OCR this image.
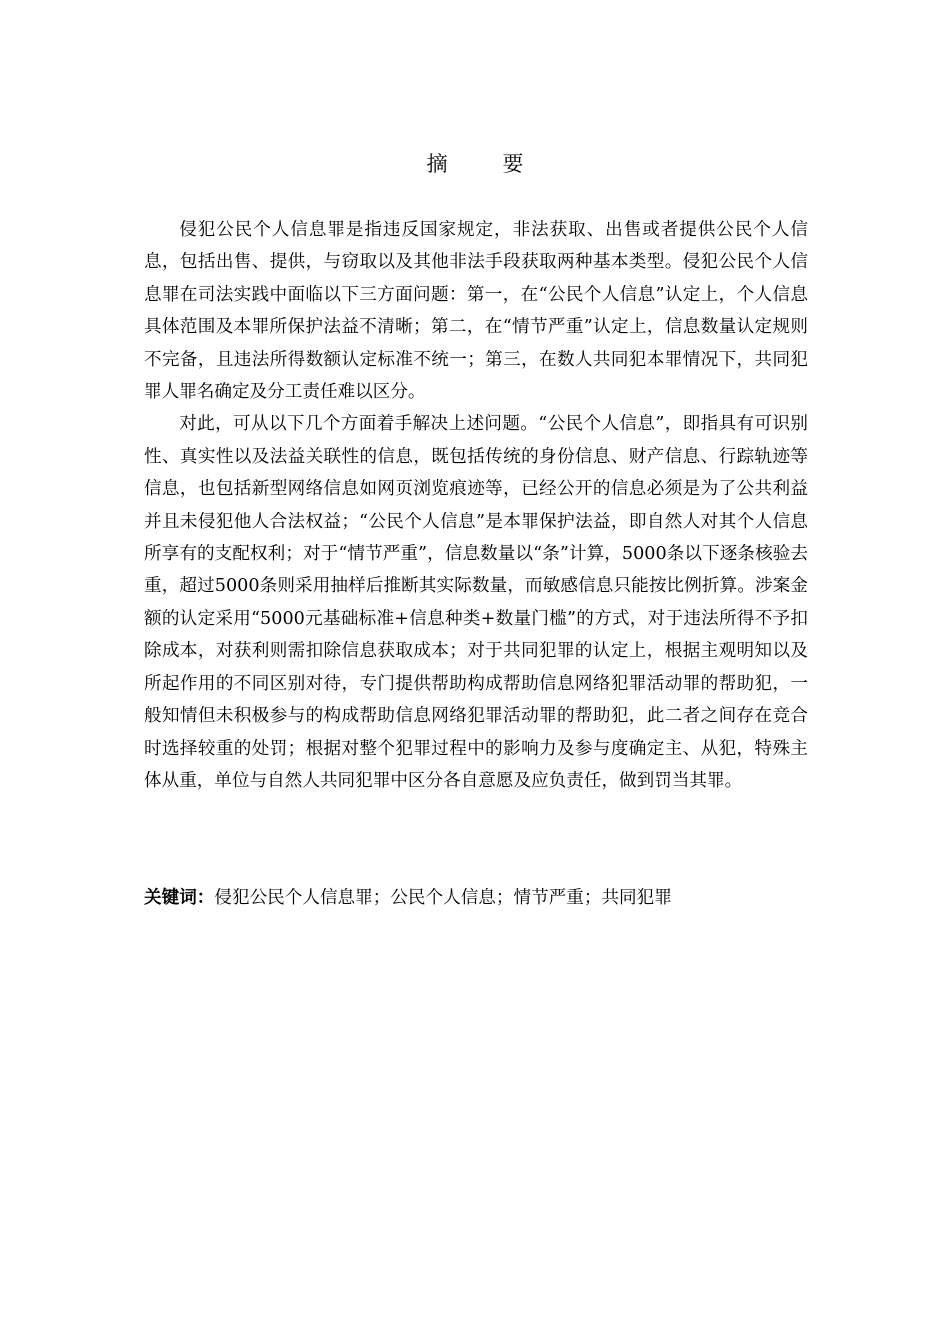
摘 要

侵犯公民个人信息罪是指违反国家规定，非法获取、出售或者提供公民个人信息，包括出售、提供，与窃取以及其他非法手段获取两种基本类型。侵犯公民个人信息罪在司法实践中面临以下三方面问题：第一，在“公民个人信息”认定上，个人信息具体范围及本罪所保护法益不清晰；第二，在“情节严重”认定上，信息数量认定规则不完备，且违法所得数额认定标准不统一；第三，在数人共同犯本罪情况下，共同犯罪人罪名确定及分工责任难以区分。

对此，可从以下几个方面着手解决上述问题。“公民个人信息”，即指具有可识别性、真实性以及法益关联性的信息，既包括传统的身份信息、财产信息、行踪轨迹等信息，也包括新型网络信息如网页浏览痕迹等，已经公开的信息必须是为了公共利益并且未侵犯他人合法权益；“公民个人信息”是本罪保护法益，即自然人对其个人信息所享有的支配权利；对于“情节严重”，信息数量以“条”计算，5000条以下逐条核验去重，超过5000条则采用抽样后推断其实际数量，而敏感信息只能按比例折算。涉案金额的认定采用“5000元基础标准+信息种类+数量门槛”的方式，对于违法所得不予扣除成本，对获利则需扣除信息获取成本；对于共同犯罪的认定上，根据主观明知以及所起作用的不同区别对待，专门提供帮助构成帮助信息网络犯罪活动罪的帮助犯，一般知情但未积极参与的构成帮助信息网络犯罪活动罪的帮助犯，此二者之间存在竞合时选择较重的处罚；根据对整个犯罪过程中的影响力及参与度确定主、从犯，特殊主体从重，单位与自然人共同犯罪中区分各自意愿及应负责任，做到罚当其罪。

关键词：侵犯公民个人信息罪；公民个人信息；情节严重；共同犯罪
